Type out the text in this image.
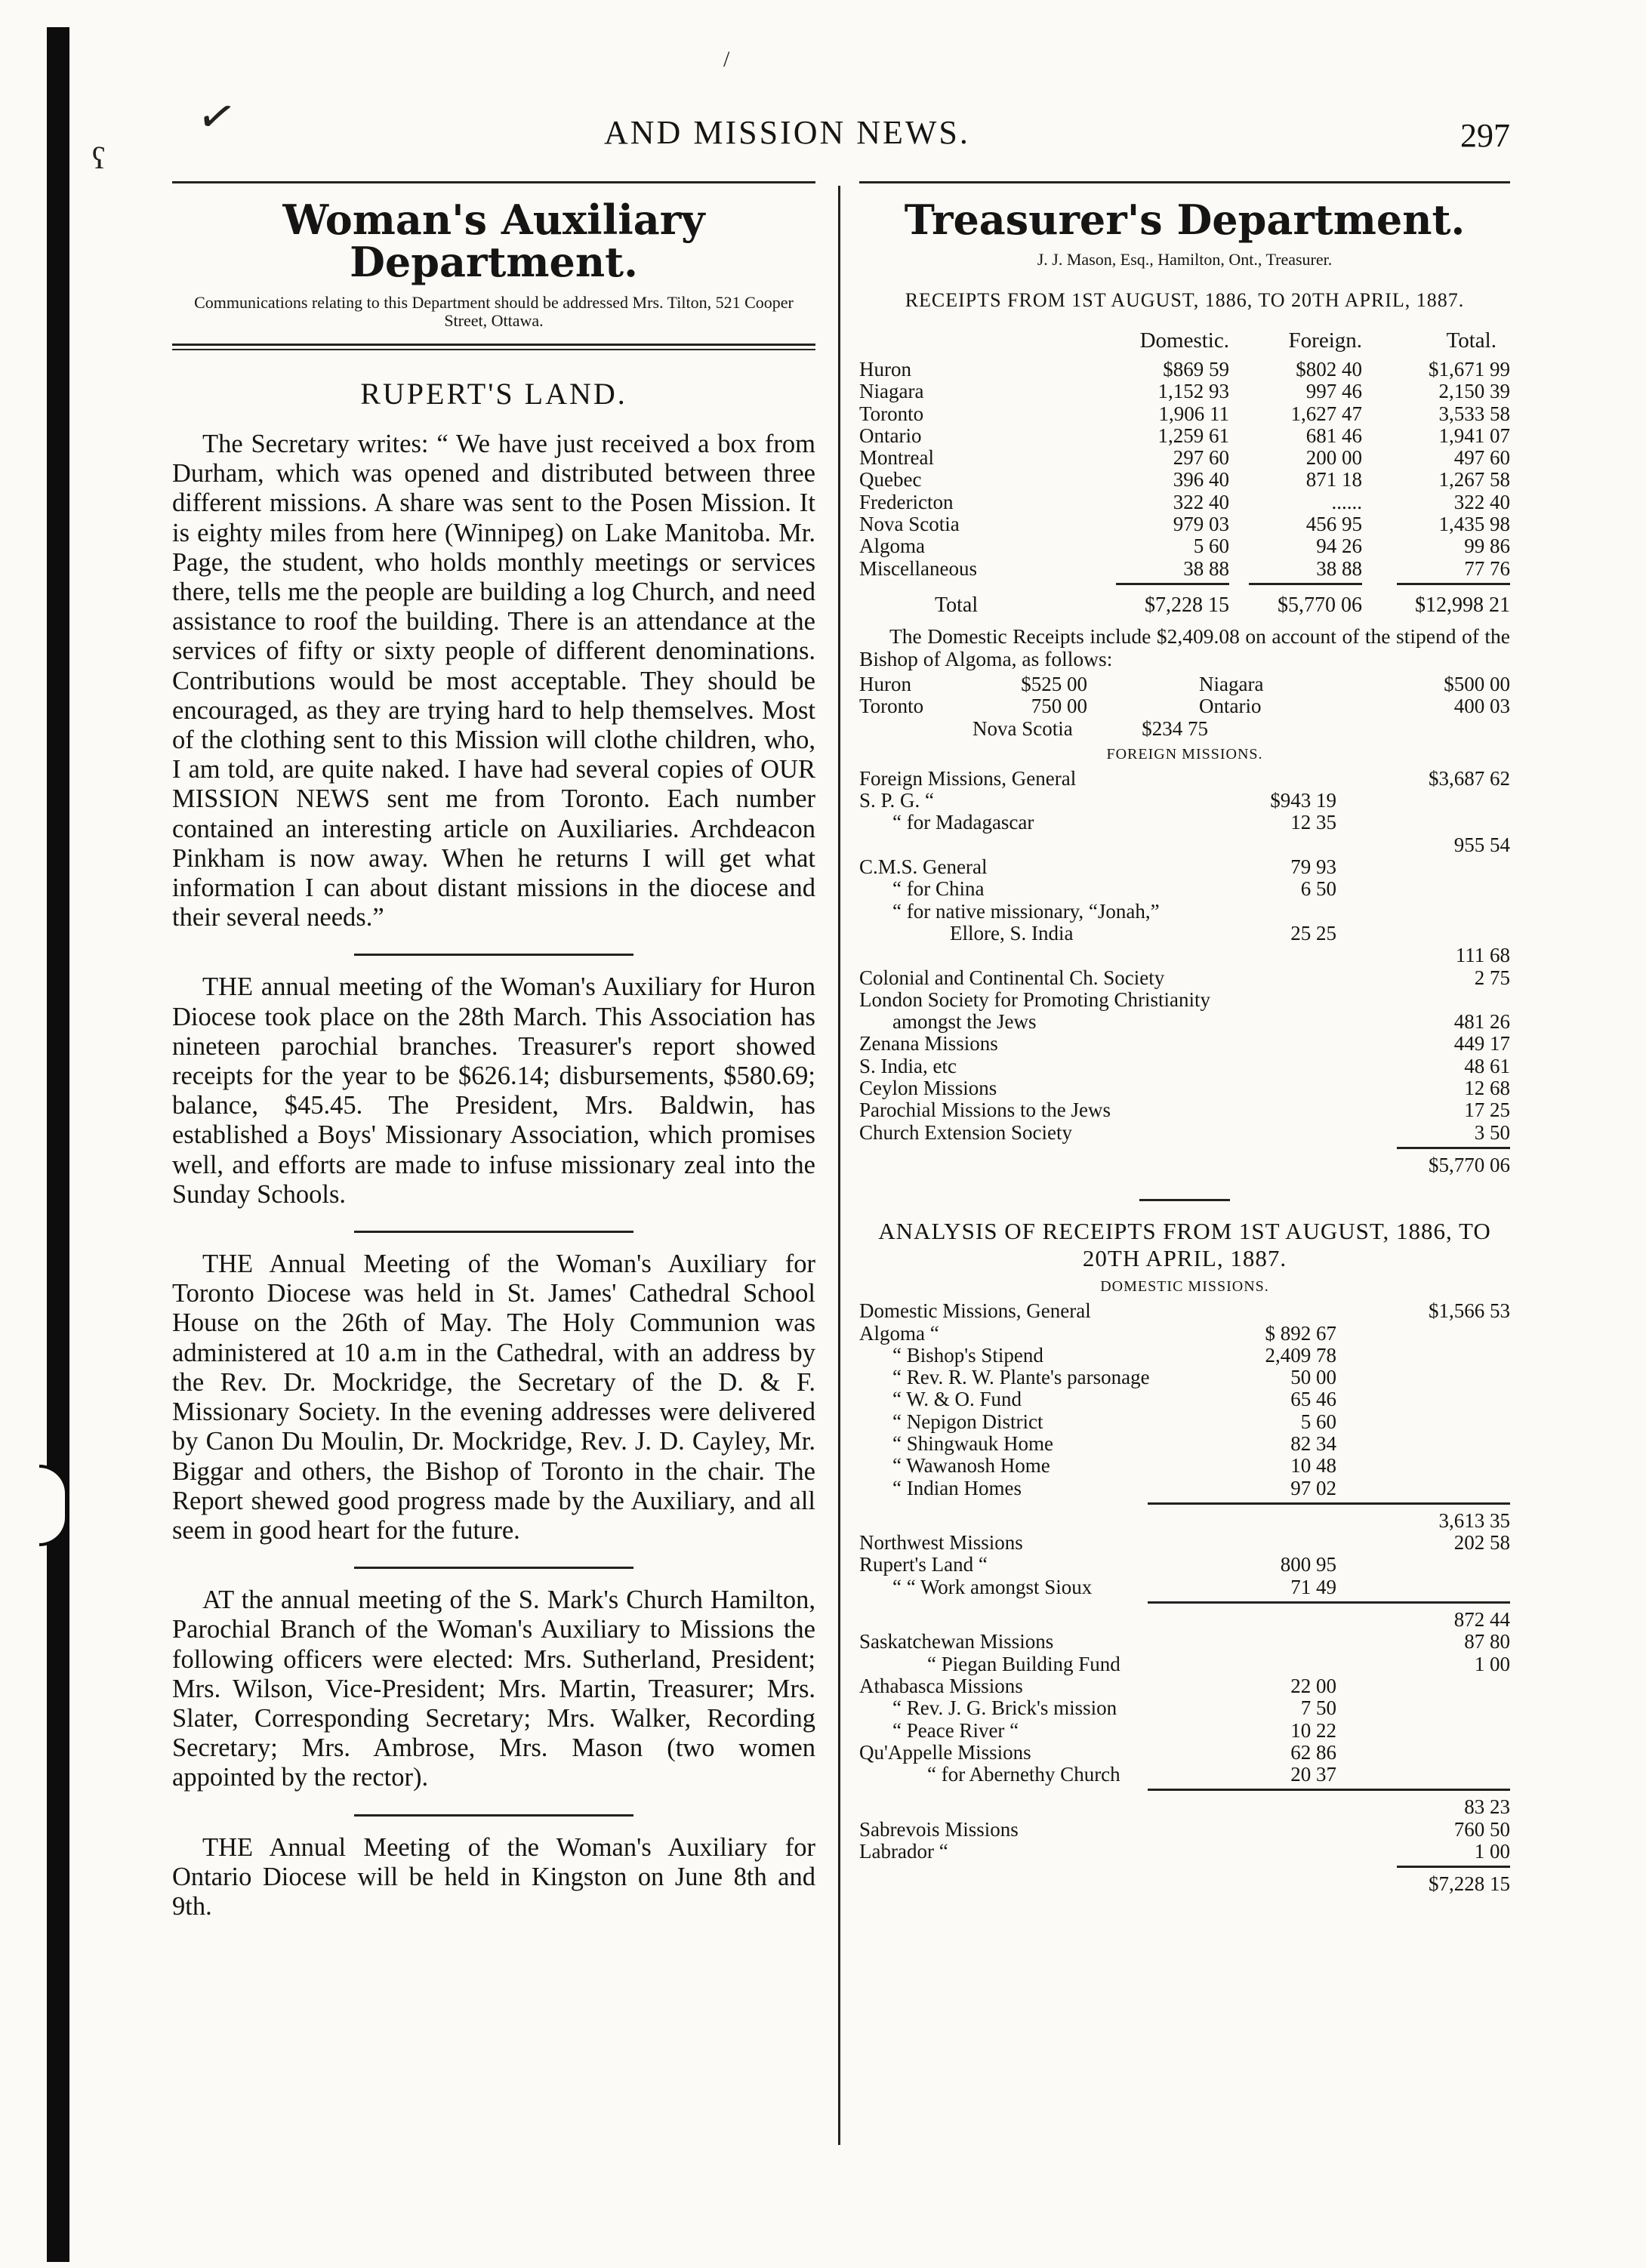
✓
/
ʕ
AND MISSION NEWS.	297
Woman's Auxiliary Department.
Communications relating to this Department should be addressed Mrs. Tilton, 521 Cooper Street, Ottawa.
RUPERT'S LAND.

The Secretary writes: “ We have just received a box from Durham, which was opened and distributed between three different missions. A share was sent to the Posen Mission. It is eighty miles from here (Winnipeg) on Lake Manitoba. Mr. Page, the student, who holds monthly meetings or services there, tells me the people are building a log Church, and need assistance to roof the building. There is an attendance at the services of fifty or sixty people of different denominations. Contributions would be most acceptable. They should be encouraged, as they are trying hard to help themselves. Most of the clothing sent to this Mission will clothe children, who, I am told, are quite naked. I have had several copies of OUR MISSION NEWS sent me from Toronto. Each number contained an interesting article on Auxiliaries. Archdeacon Pinkham is now away. When he returns I will get what information I can about distant missions in the diocese and their several needs.”

THE annual meeting of the Woman's Auxiliary for Huron Diocese took place on the 28th March. This Association has nineteen parochial branches. Treasurer's report showed receipts for the year to be $626.14; disbursements, $580.69; balance, $45.45. The President, Mrs. Baldwin, has established a Boys' Missionary Association, which promises well, and efforts are made to infuse missionary zeal into the Sunday Schools.

THE Annual Meeting of the Woman's Auxiliary for Toronto Diocese was held in St. James' Cathedral School House on the 26th of May. The Holy Communion was administered at 10 a.m in the Cathedral, with an address by the Rev. Dr. Mockridge, the Secretary of the D. & F. Missionary Society. In the evening addresses were delivered by Canon Du Moulin, Dr. Mockridge, Rev. J. D. Cayley, Mr. Biggar and others, the Bishop of Toronto in the chair. The Report shewed good progress made by the Auxiliary, and all seem in good heart for the future.

AT the annual meeting of the S. Mark's Church Hamilton, Parochial Branch of the Woman's Auxiliary to Missions the following officers were elected: Mrs. Sutherland, President; Mrs. Wilson, Vice-President; Mrs. Martin, Treasurer; Mrs. Slater, Corresponding Secretary; Mrs. Walker, Recording Secretary; Mrs. Ambrose, Mrs. Mason (two women appointed by the rector).

THE Annual Meeting of the Woman's Auxiliary for Ontario Diocese will be held in Kingston on June 8th and 9th.

Treasurer's Department.
J. J. Mason, Esq., Hamilton, Ont., Treasurer.
RECEIPTS FROM 1ST AUGUST, 1886, TO 20TH APRIL, 1887.
Domestic.	Foreign.	Total.
Huron	$869 59	$802 40	$1,671 99
Niagara	1,152 93	997 46	2,150 39
Toronto	1,906 11	1,627 47	3,533 58
Ontario	1,259 61	681 46	1,941 07
Montreal	297 60	200 00	497 60
Quebec	396 40	871 18	1,267 58
Fredericton	322 40	......	322 40
Nova Scotia	979 03	456 95	1,435 98
Algoma	5 60	94 26	99 86
Miscellaneous	38 88	38 88	77 76
Total	$7,228 15 $5,770 06	$12,998 21

The Domestic Receipts include $2,409.08 on account of the stipend of the Bishop of Algoma, as follows:

Huron	$525 00	Niagara	$500 00
Toronto	750 00	Ontario	400 03
Nova Scotia	$234 75
FOREIGN MISSIONS.
Foreign Missions, General	$3,687 62
S. P. G. “	$943 19
“ for Madagascar	12 35
955 54
C.M.S. General	79 93
“ for China	6 50
“ for native missionary, “Jonah,”
Ellore, S. India	25 25
111 68
Colonial and Continental Ch. Society	2 75
London Society for Promoting Christianity
amongst the Jews	481 26
Zenana Missions	449 17
S. India, etc	48 61
Ceylon Missions	12 68
Parochial Missions to the Jews	17 25
Church Extension Society	3 50
$5,770 06
ANALYSIS OF RECEIPTS FROM 1ST AUGUST, 1886, TO 20TH APRIL, 1887.
DOMESTIC MISSIONS.
Domestic Missions, General	$1,566 53
Algoma “	$ 892 67
“ Bishop's Stipend	2,409 78
“ Rev. R. W. Plante's parsonage	50 00
“ W. & O. Fund	65 46
“ Nepigon District	5 60
“ Shingwauk Home	82 34
“ Wawanosh Home	10 48
“ Indian Homes	97 02
3,613 35
Northwest Missions	202 58
Rupert's Land “	800 95
“ “ Work amongst Sioux	71 49
872 44
Saskatchewan Missions	87 80
“ Piegan Building Fund	1 00
Athabasca Missions	22 00
“ Rev. J. G. Brick's mission	7 50
“ Peace River “	10 22
Qu'Appelle Missions	62 86
“ for Abernethy Church	20 37
83 23
Sabrevois Missions	760 50
Labrador “	1 00
$7,228 15
